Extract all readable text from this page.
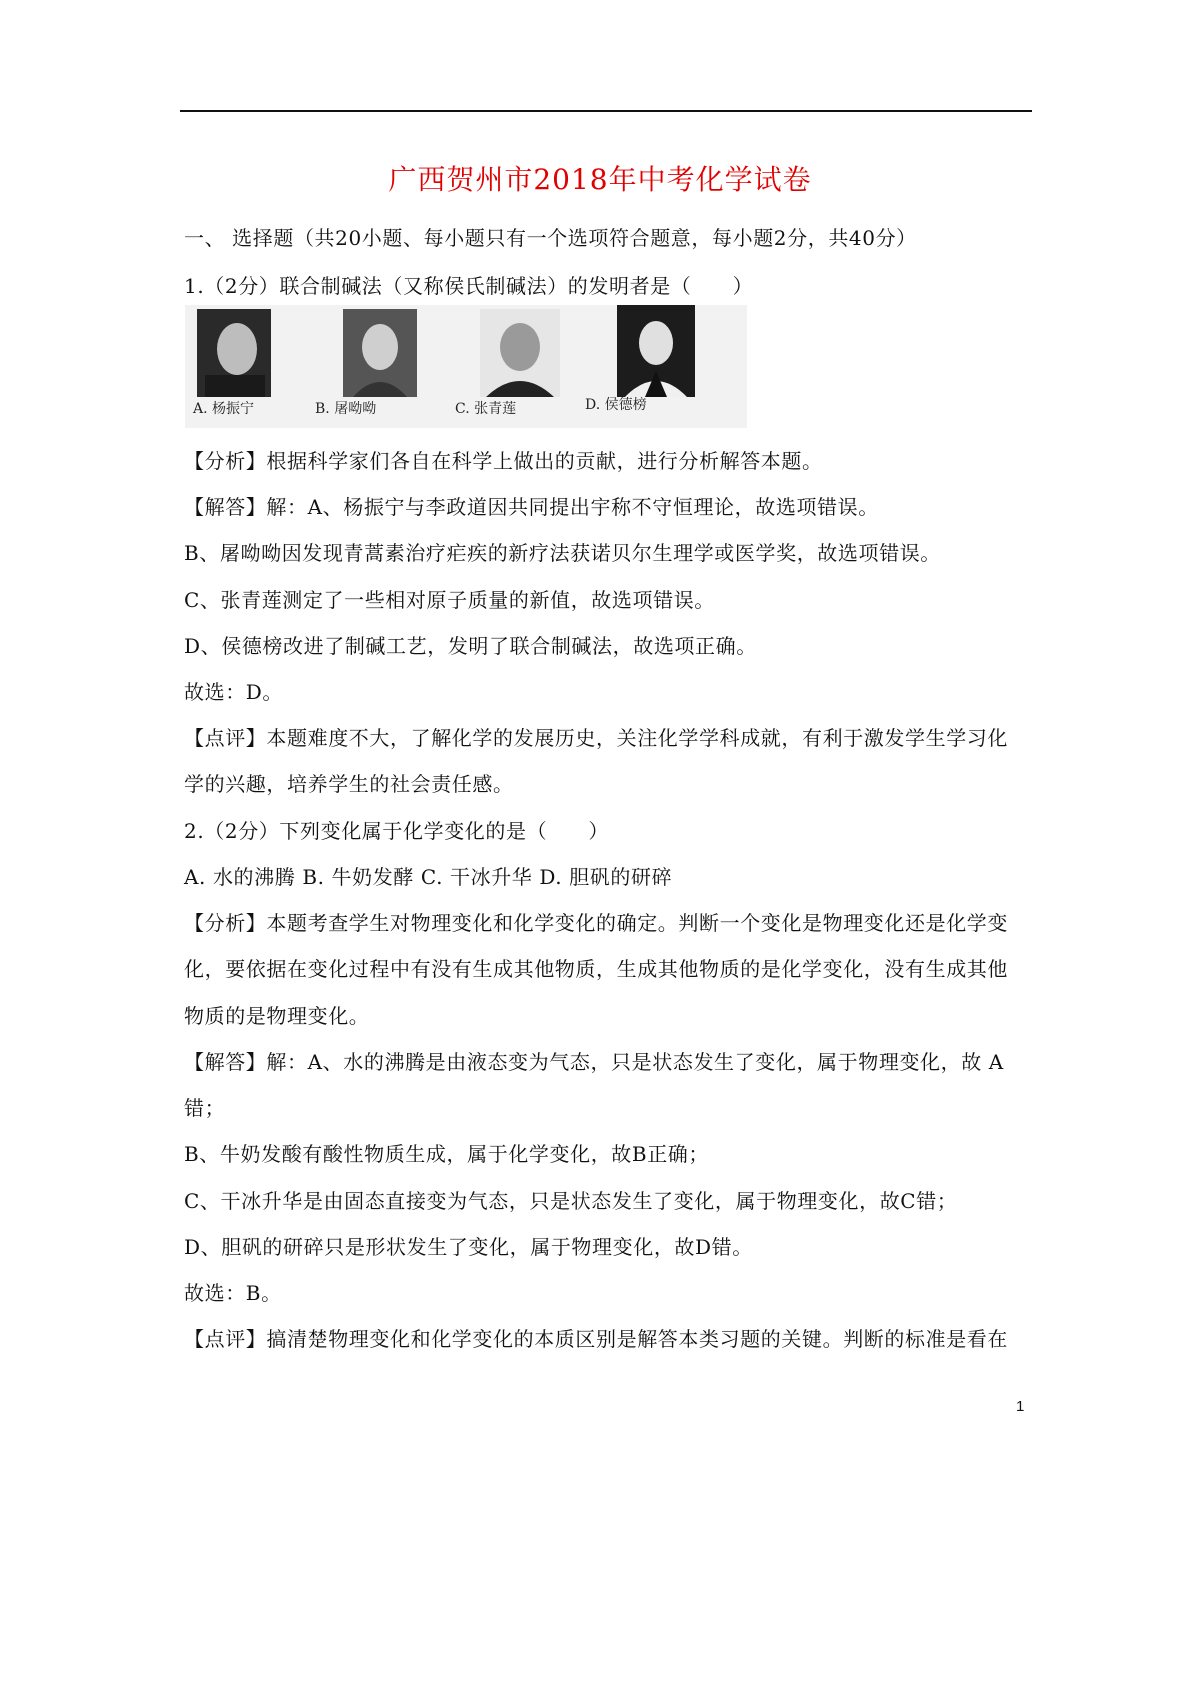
广西贺州市2018年中考化学试卷
一、 选择题（共20小题、每小题只有一个选项符合题意，每小题2分，共40分）
1.（2分）联合制碱法（又称侯氏制碱法）的发明者是（　　）
A. 杨振宁	B. 屠呦呦	C. 张青莲	D. 侯德榜
【分析】根据科学家们各自在科学上做出的贡献，进行分析解答本题。
【解答】解：A、杨振宁与李政道因共同提出宇称不守恒理论，故选项错误。
B、屠呦呦因发现青蒿素治疗疟疾的新疗法获诺贝尔生理学或医学奖，故选项错误。
C、张青莲测定了一些相对原子质量的新值，故选项错误。
D、侯德榜改进了制碱工艺，发明了联合制碱法，故选项正确。
故选：D。
【点评】本题难度不大，了解化学的发展历史，关注化学学科成就，有利于激发学生学习化
学的兴趣，培养学生的社会责任感。
2.（2分）下列变化属于化学变化的是（　　）
A. 水的沸腾 B. 牛奶发酵 C. 干冰升华 D. 胆矾的研碎
【分析】本题考查学生对物理变化和化学变化的确定。判断一个变化是物理变化还是化学变
化，要依据在变化过程中有没有生成其他物质，生成其他物质的是化学变化，没有生成其他
物质的是物理变化。
【解答】解：A、水的沸腾是由液态变为气态，只是状态发生了变化，属于物理变化，故 A
错；
B、牛奶发酸有酸性物质生成，属于化学变化，故B正确；
C、干冰升华是由固态直接变为气态，只是状态发生了变化，属于物理变化，故C错；
D、胆矾的研碎只是形状发生了变化，属于物理变化，故D错。
故选：B。
【点评】搞清楚物理变化和化学变化的本质区别是解答本类习题的关键。判断的标准是看在
1
